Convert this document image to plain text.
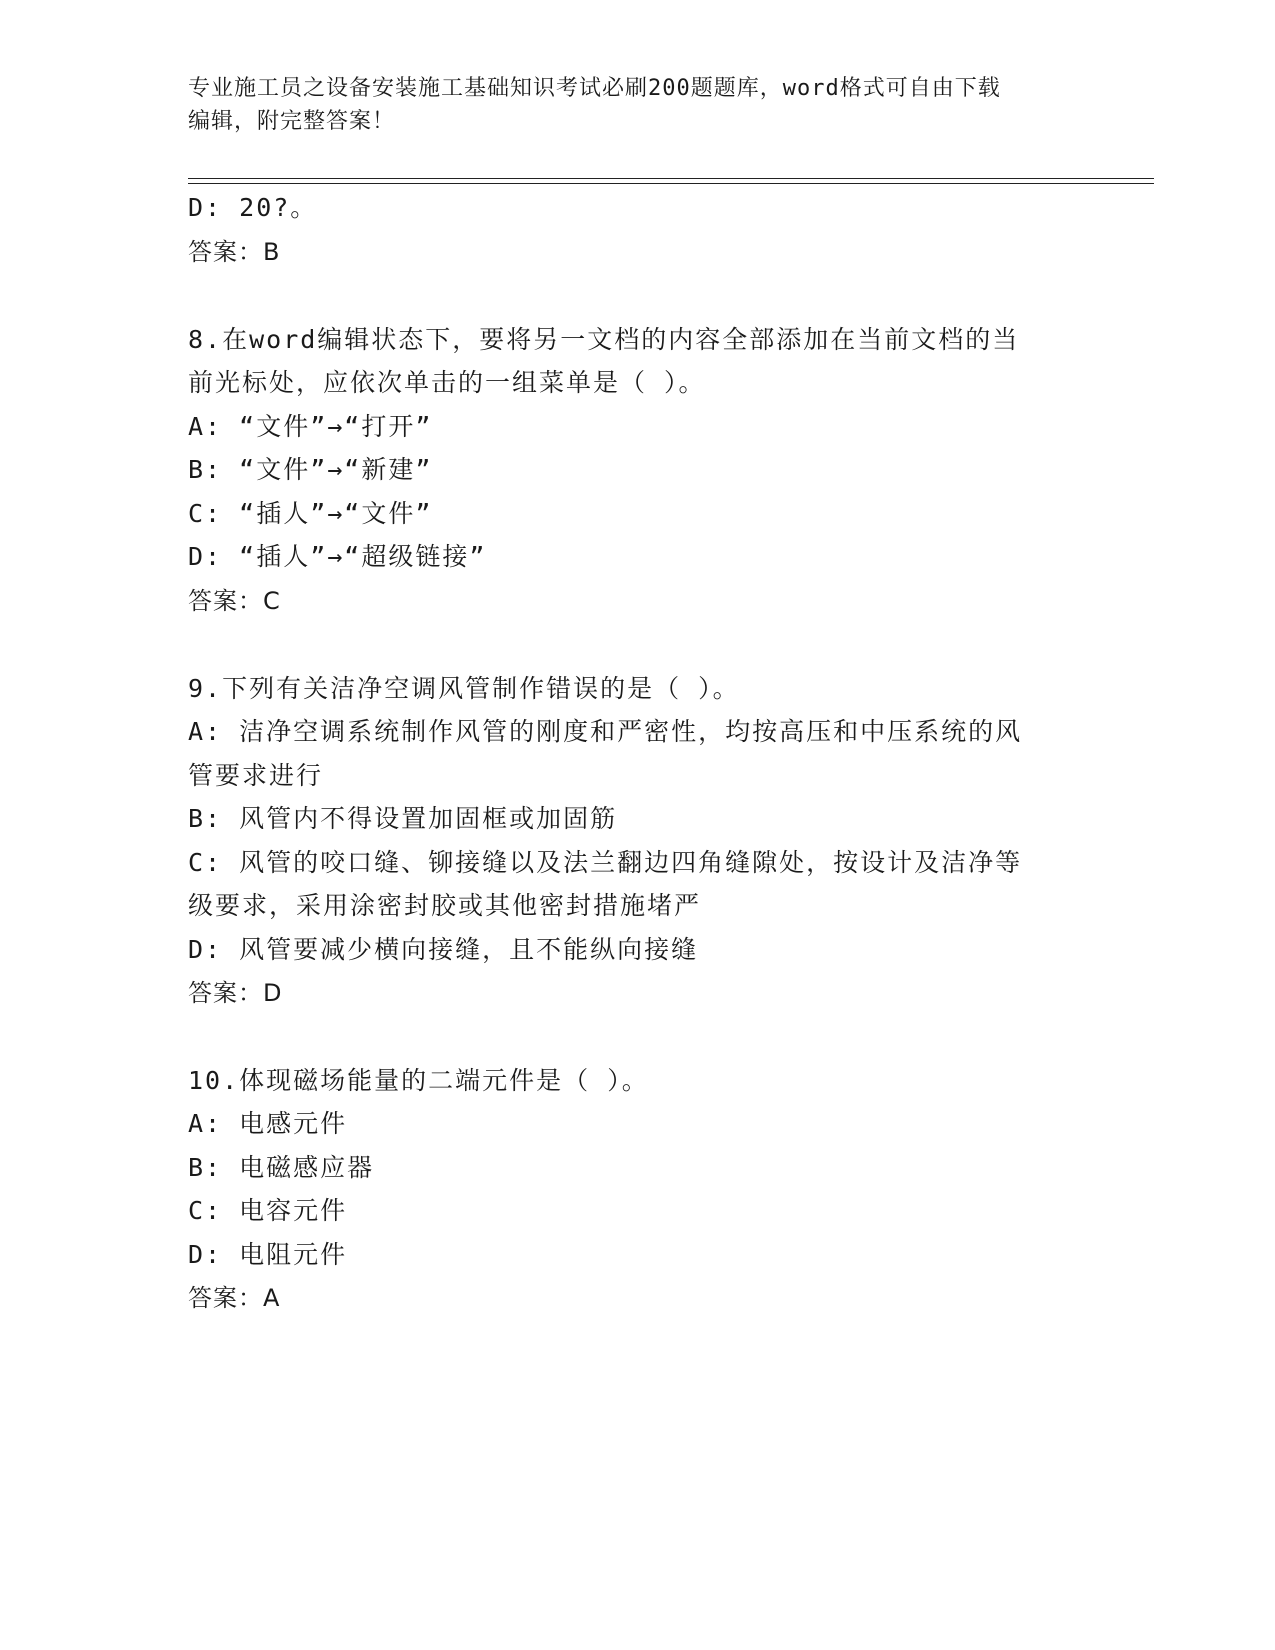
专业施工员之设备安装施工基础知识考试必刷200题题库，word格式可自由下载
编辑，附完整答案！
D: 20?。
答案：B
8.在word编辑状态下，要将另一文档的内容全部添加在当前文档的当
前光标处，应依次单击的一组菜单是（ ）。
A: “文件”→“打开”
B: “文件”→“新建”
C: “插人”→“文件”
D: “插人”→“超级链接”
答案：C
9.下列有关洁净空调风管制作错误的是（ ）。
A: 洁净空调系统制作风管的刚度和严密性，均按高压和中压系统的风
管要求进行
B: 风管内不得设置加固框或加固筋
C: 风管的咬口缝、铆接缝以及法兰翻边四角缝隙处，按设计及洁净等
级要求，采用涂密封胶或其他密封措施堵严
D: 风管要减少横向接缝，且不能纵向接缝
答案：D
10.体现磁场能量的二端元件是（ ）。
A: 电感元件
B: 电磁感应器
C: 电容元件
D: 电阻元件
答案：A
